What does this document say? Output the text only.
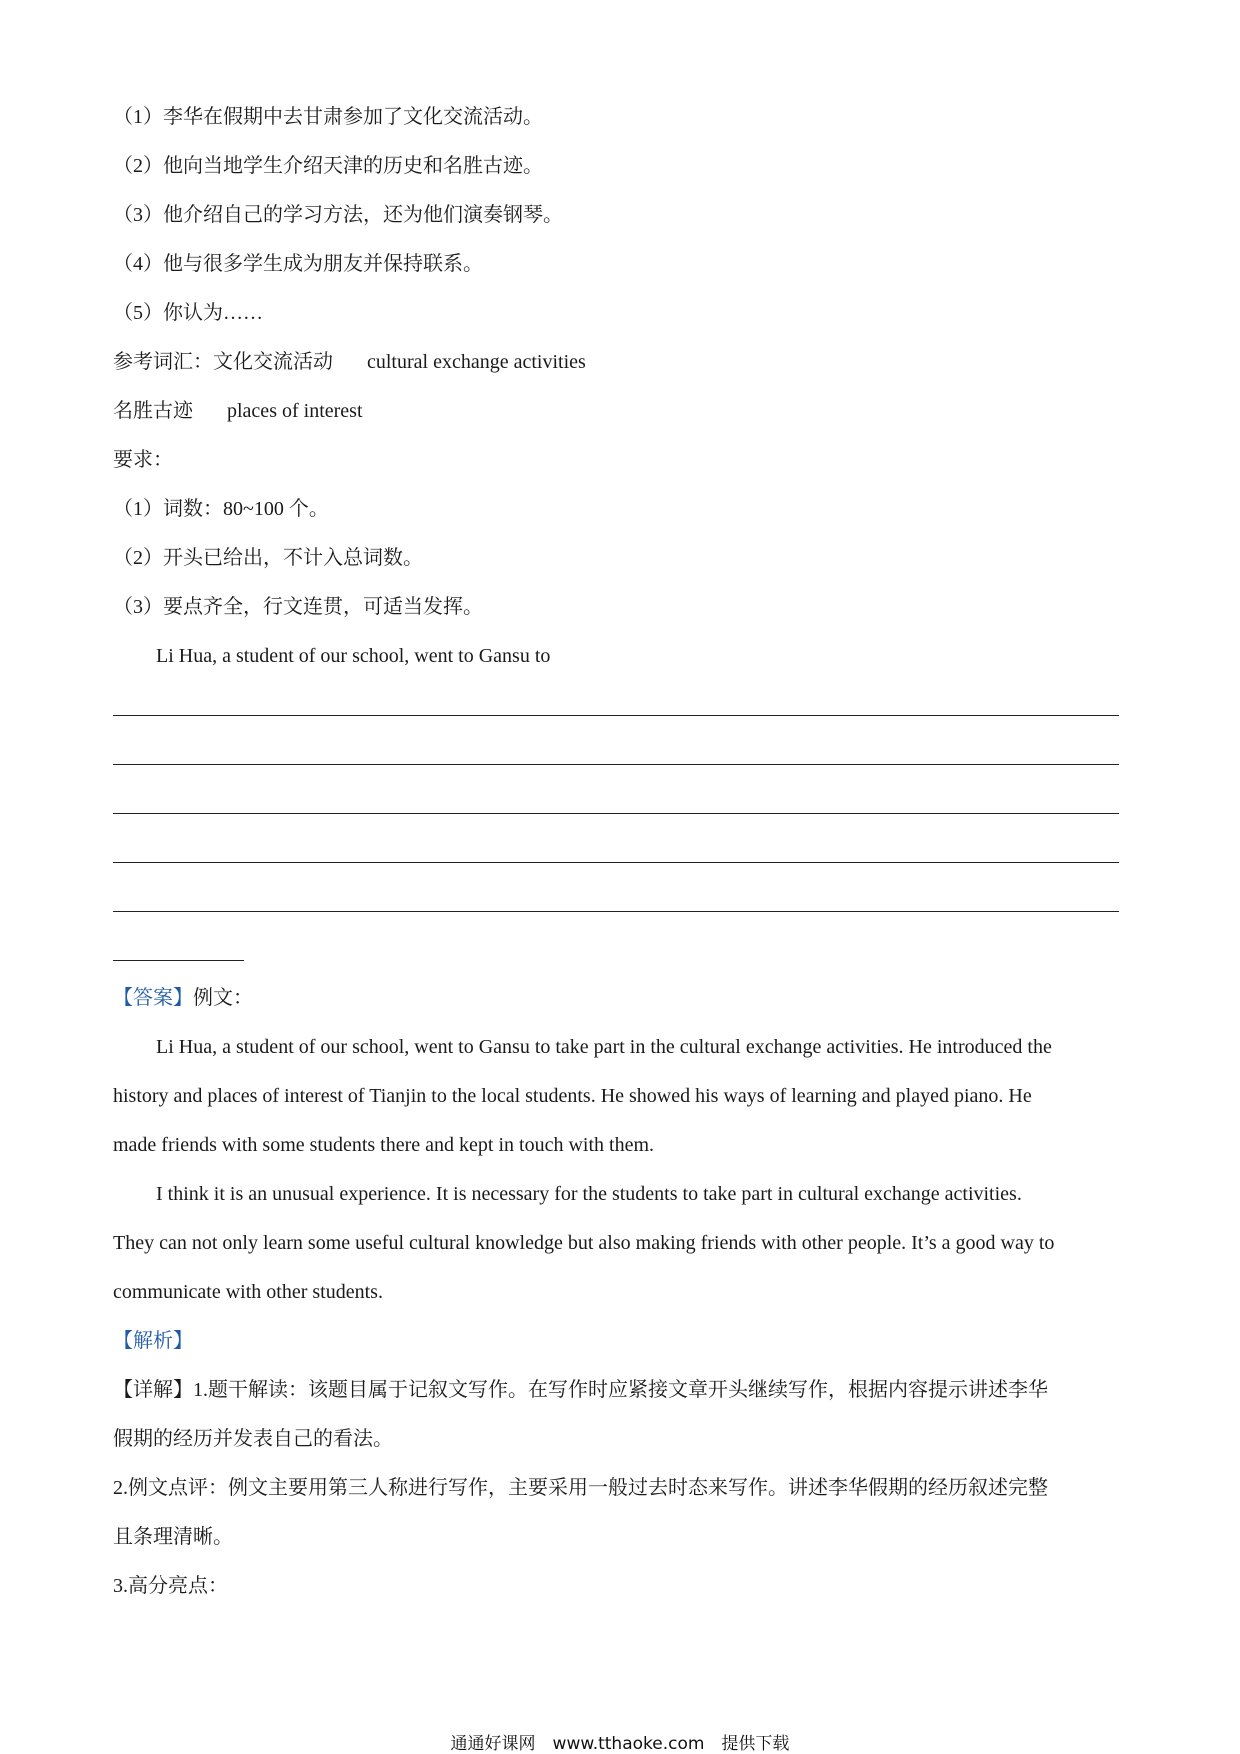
（1）李华在假期中去甘肃参加了文化交流活动。
（2）他向当地学生介绍天津的历史和名胜古迹。
（3）他介绍自己的学习方法，还为他们演奏钢琴。
（4）他与很多学生成为朋友并保持联系。
（5）你认为……
参考词汇：文化交流活动 cultural exchange activities
名胜古迹 places of interest
要求：
（1）词数：80~100 个。
（2）开头已给出，不计入总词数。
（3）要点齐全，行文连贯，可适当发挥。
Li Hua, a student of our school, went to Gansu to
【答案】例文：
Li Hua, a student of our school, went to Gansu to take part in the cultural exchange activities. He introduced the
history and places of interest of Tianjin to the local students. He showed his ways of learning and played piano. He
made friends with some students there and kept in touch with them.
I think it is an unusual experience. It is necessary for the students to take part in cultural exchange activities.
They can not only learn some useful cultural knowledge but also making friends with other people. It’s a good way to
communicate with other students.
【解析】
【详解】1.题干解读：该题目属于记叙文写作。在写作时应紧接文章开头继续写作，根据内容提示讲述李华
假期的经历并发表自己的看法。
2.例文点评：例文主要用第三人称进行写作，主要采用一般过去时态来写作。讲述李华假期的经历叙述完整
且条理清晰。
3.高分亮点：
通通好课网　www.tthaoke.com　提供下载
